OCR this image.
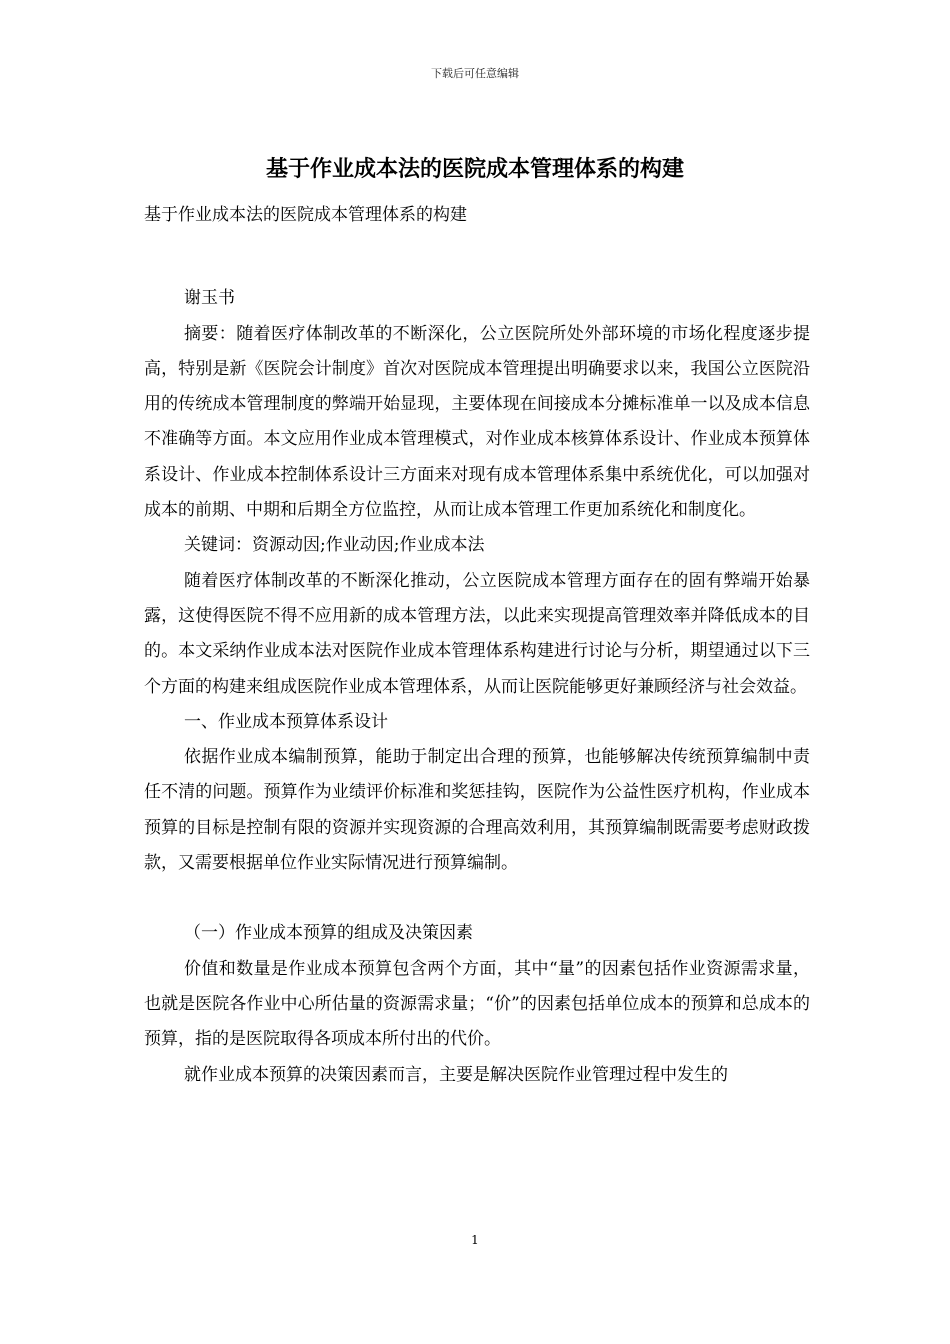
下载后可任意编辑
基于作业成本法的医院成本管理体系的构建

基于作业成本法的医院成本管理体系的构建

谢玉书

摘要：随着医疗体制改革的不断深化，公立医院所处外部环境的市场化程度逐步提高，特别是新《医院会计制度》首次对医院成本管理提出明确要求以来，我国公立医院沿用的传统成本管理制度的弊端开始显现，主要体现在间接成本分摊标准单一以及成本信息不准确等方面。本文应用作业成本管理模式，对作业成本核算体系设计、作业成本预算体系设计、作业成本控制体系设计三方面来对现有成本管理体系集中系统优化，可以加强对成本的前期、中期和后期全方位监控，从而让成本管理工作更加系统化和制度化。

关键词：资源动因;作业动因;作业成本法

随着医疗体制改革的不断深化推动，公立医院成本管理方面存在的固有弊端开始暴露，这使得医院不得不应用新的成本管理方法，以此来实现提高管理效率并降低成本的目的。本文采纳作业成本法对医院作业成本管理体系构建进行讨论与分析，期望通过以下三个方面的构建来组成医院作业成本管理体系，从而让医院能够更好兼顾经济与社会效益。

一、作业成本预算体系设计

依据作业成本编制预算，能助于制定出合理的预算，也能够解决传统预算编制中责任不清的问题。预算作为业绩评价标准和奖惩挂钩，医院作为公益性医疗机构，作业成本预算的目标是控制有限的资源并实现资源的合理高效利用，其预算编制既需要考虑财政拨款，又需要根据单位作业实际情况进行预算编制。

（一）作业成本预算的组成及决策因素

价值和数量是作业成本预算包含两个方面，其中“量”的因素包括作业资源需求量，也就是医院各作业中心所估量的资源需求量；“价”的因素包括单位成本的预算和总成本的预算，指的是医院取得各项成本所付出的代价。

就作业成本预算的决策因素而言，主要是解决医院作业管理过程中发生的

1
